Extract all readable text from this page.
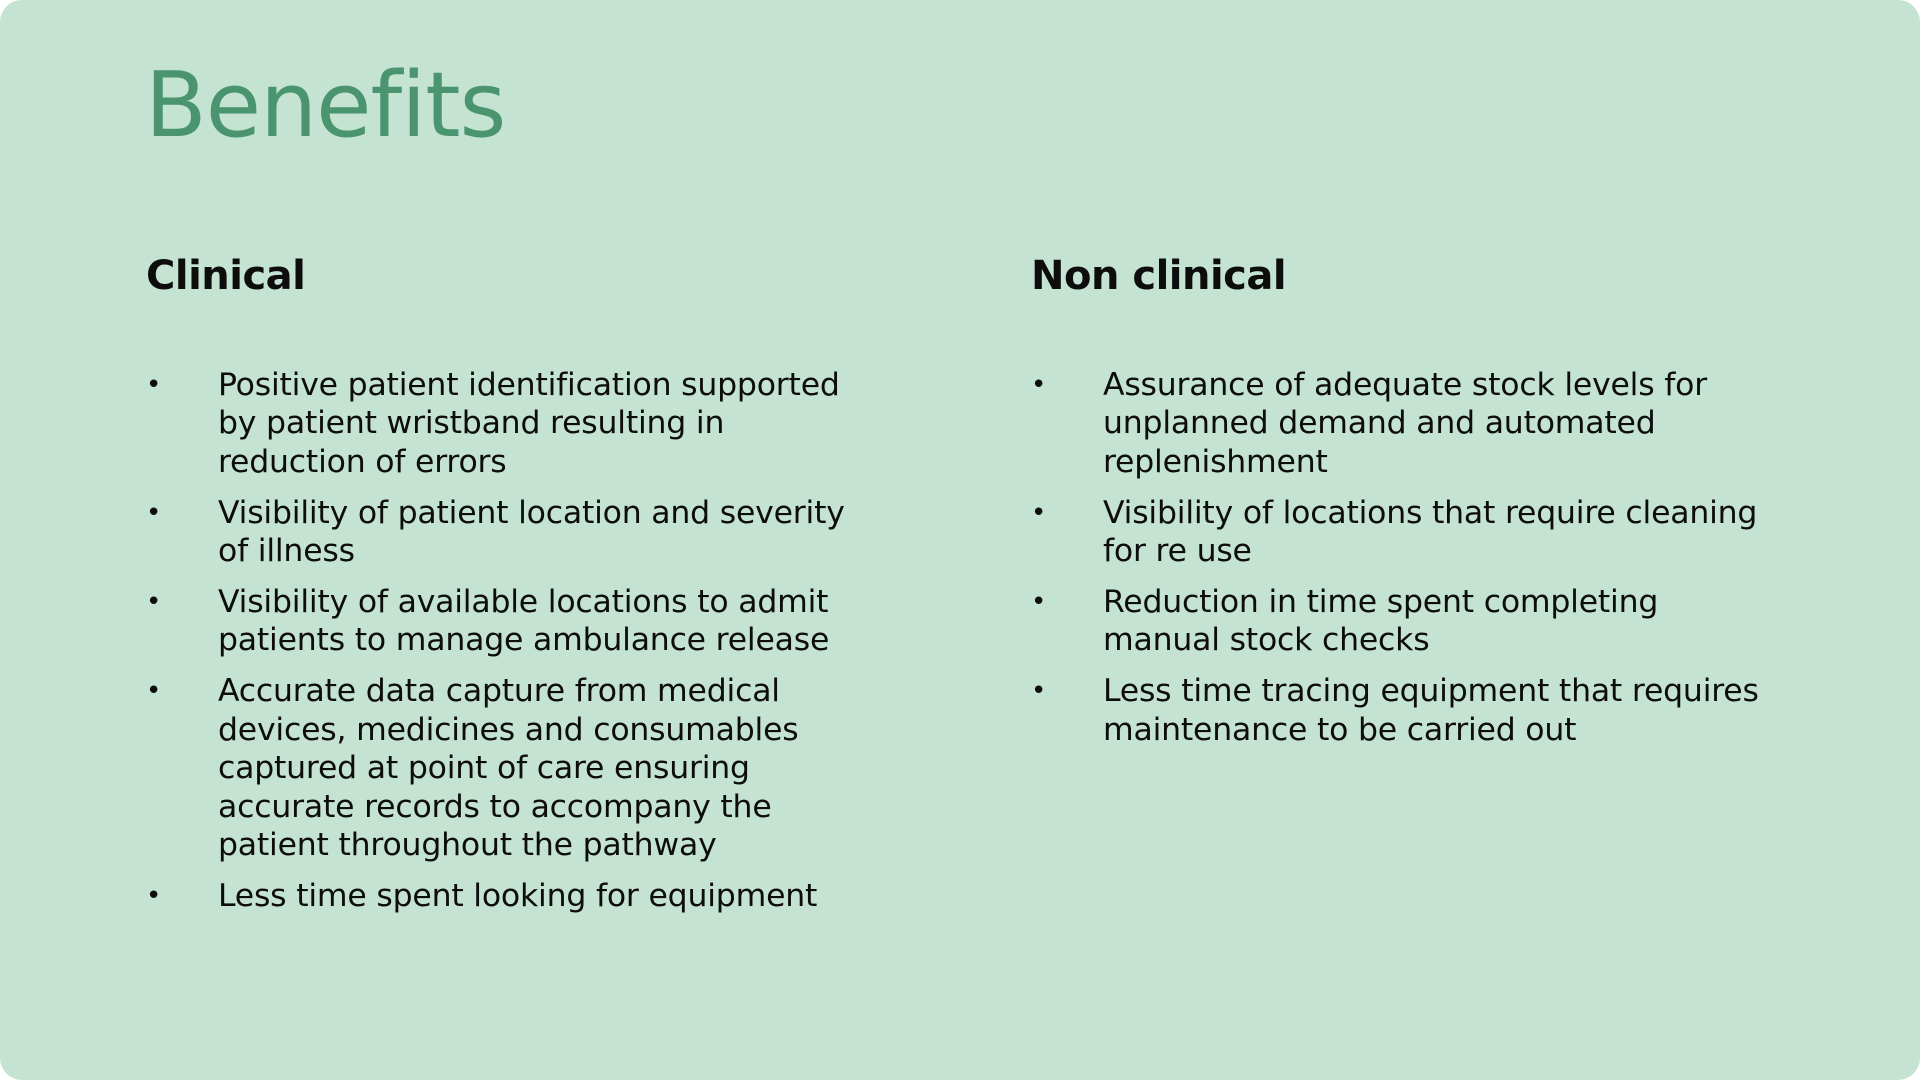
Benefits
Clinical
• Positive patient identification supported by patient wristband resulting in reduction of errors
• Visibility of patient location and severity of illness
• Visibility of available locations to admit patients to manage ambulance release
• Accurate data capture from medical devices, medicines and consumables captured at point of care ensuring accurate records to accompany the patient throughout the pathway
• Less time spent looking for equipment
Non clinical
• Assurance of adequate stock levels for unplanned demand and automated replenishment
• Visibility of locations that require cleaning for re use
• Reduction in time spent completing manual stock checks
• Less time tracing equipment that requires maintenance to be carried out
